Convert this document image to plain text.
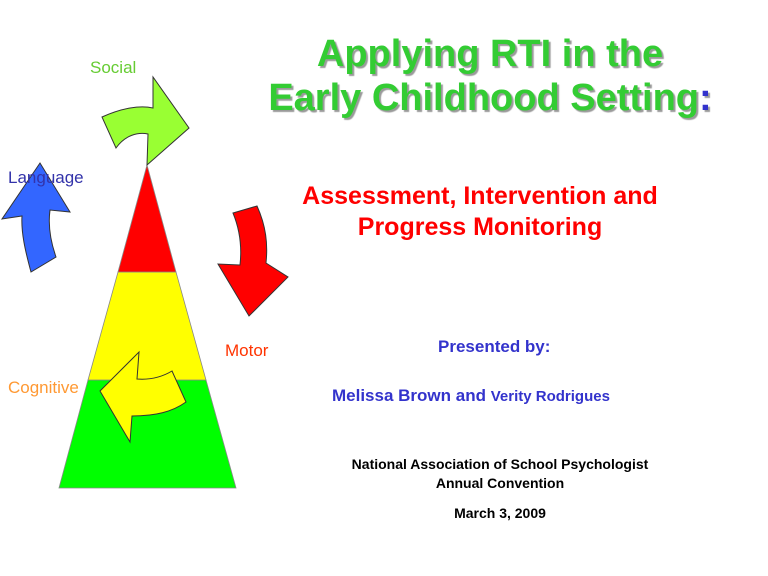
Social
Language
Motor
Cognitive
Applying RTI in the
Early Childhood Setting:
Assessment, Intervention and
Progress Monitoring
Presented by:
Melissa Brown and Verity Rodrigues
National Association of School Psychologist
Annual Convention
March 3, 2009
